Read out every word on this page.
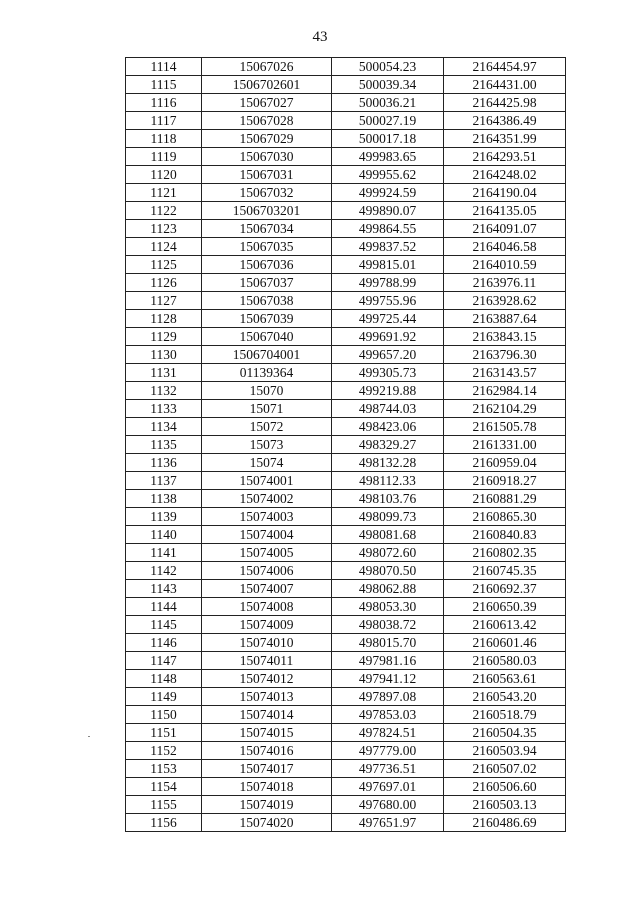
43
1114	15067026	500054.23	2164454.97
1115	1506702601	500039.34	2164431.00
1116	15067027	500036.21	2164425.98
1117	15067028	500027.19	2164386.49
1118	15067029	500017.18	2164351.99
1119	15067030	499983.65	2164293.51
1120	15067031	499955.62	2164248.02
1121	15067032	499924.59	2164190.04
1122	1506703201	499890.07	2164135.05
1123	15067034	499864.55	2164091.07
1124	15067035	499837.52	2164046.58
1125	15067036	499815.01	2164010.59
1126	15067037	499788.99	2163976.11
1127	15067038	499755.96	2163928.62
1128	15067039	499725.44	2163887.64
1129	15067040	499691.92	2163843.15
1130	1506704001	499657.20	2163796.30
1131	01139364	499305.73	2163143.57
1132	15070	499219.88	2162984.14
1133	15071	498744.03	2162104.29
1134	15072	498423.06	2161505.78
1135	15073	498329.27	2161331.00
1136	15074	498132.28	2160959.04
1137	15074001	498112.33	2160918.27
1138	15074002	498103.76	2160881.29
1139	15074003	498099.73	2160865.30
1140	15074004	498081.68	2160840.83
1141	15074005	498072.60	2160802.35
1142	15074006	498070.50	2160745.35
1143	15074007	498062.88	2160692.37
1144	15074008	498053.30	2160650.39
1145	15074009	498038.72	2160613.42
1146	15074010	498015.70	2160601.46
1147	15074011	497981.16	2160580.03
1148	15074012	497941.12	2160563.61
1149	15074013	497897.08	2160543.20
1150	15074014	497853.03	2160518.79
1151	15074015	497824.51	2160504.35
1152	15074016	497779.00	2160503.94
1153	15074017	497736.51	2160507.02
1154	15074018	497697.01	2160506.60
1155	15074019	497680.00	2160503.13
1156	15074020	497651.97	2160486.69
